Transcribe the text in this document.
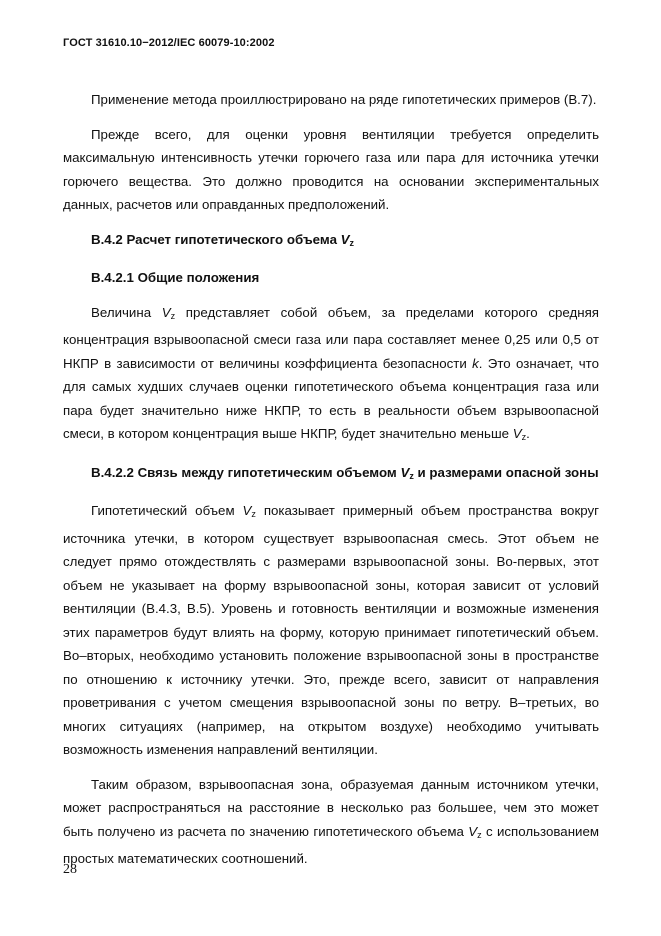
ГОСТ 31610.10−2012/IEC 60079-10:2002

Применение метода проиллюстрировано на ряде гипотетических примеров (В.7).

Прежде всего, для оценки уровня вентиляции требуется определить максимальную интенсивность утечки горючего газа или пара для источника утечки горючего вещества. Это должно проводится на основании экспериментальных данных, расчетов или оправданных предположений.

В.4.2 Расчет гипотетического объема $V_z$

В.4.2.1 Общие положения

Величина $V_z$ представляет собой объем, за пределами которого средняя концентрация взрывоопасной смеси газа или пара составляет менее 0,25 или 0,5 от НКПР в зависимости от величины коэффициента безопасности k. Это означает, что для самых худших случаев оценки гипотетического объема концентрация газа или пара будет значительно ниже НКПР, то есть в реальности объем взрывоопасной смеси, в котором концентрация выше НКПР, будет значительно меньше $V_z$.

В.4.2.2 Связь между гипотетическим объемом $V_z$ и размерами опасной зоны

Гипотетический объем $V_z$ показывает примерный объем пространства вокруг источника утечки, в котором существует взрывоопасная смесь. Этот объем не следует прямо отождествлять с размерами взрывоопасной зоны. Во-первых, этот объем не указывает на форму взрывоопасной зоны, которая зависит от условий вентиляции (В.4.3, В.5). Уровень и готовность вентиляции и возможные изменения этих параметров будут влиять на форму, которую принимает гипотетический объем. Во–вторых, необходимо установить положение взрывоопасной зоны в пространстве по отношению к источнику утечки. Это, прежде всего, зависит от направления проветривания с учетом смещения взрывоопасной зоны по ветру. В–третьих, во многих ситуациях (например, на открытом воздухе) необходимо учитывать возможность изменения направлений вентиляции.

Таким образом, взрывоопасная зона, образуемая данным источником утечки, может распространяться на расстояние в несколько раз большее, чем это может быть получено из расчета по значению гипотетического объема $V_z$ с использованием простых математических соотношений.

28
